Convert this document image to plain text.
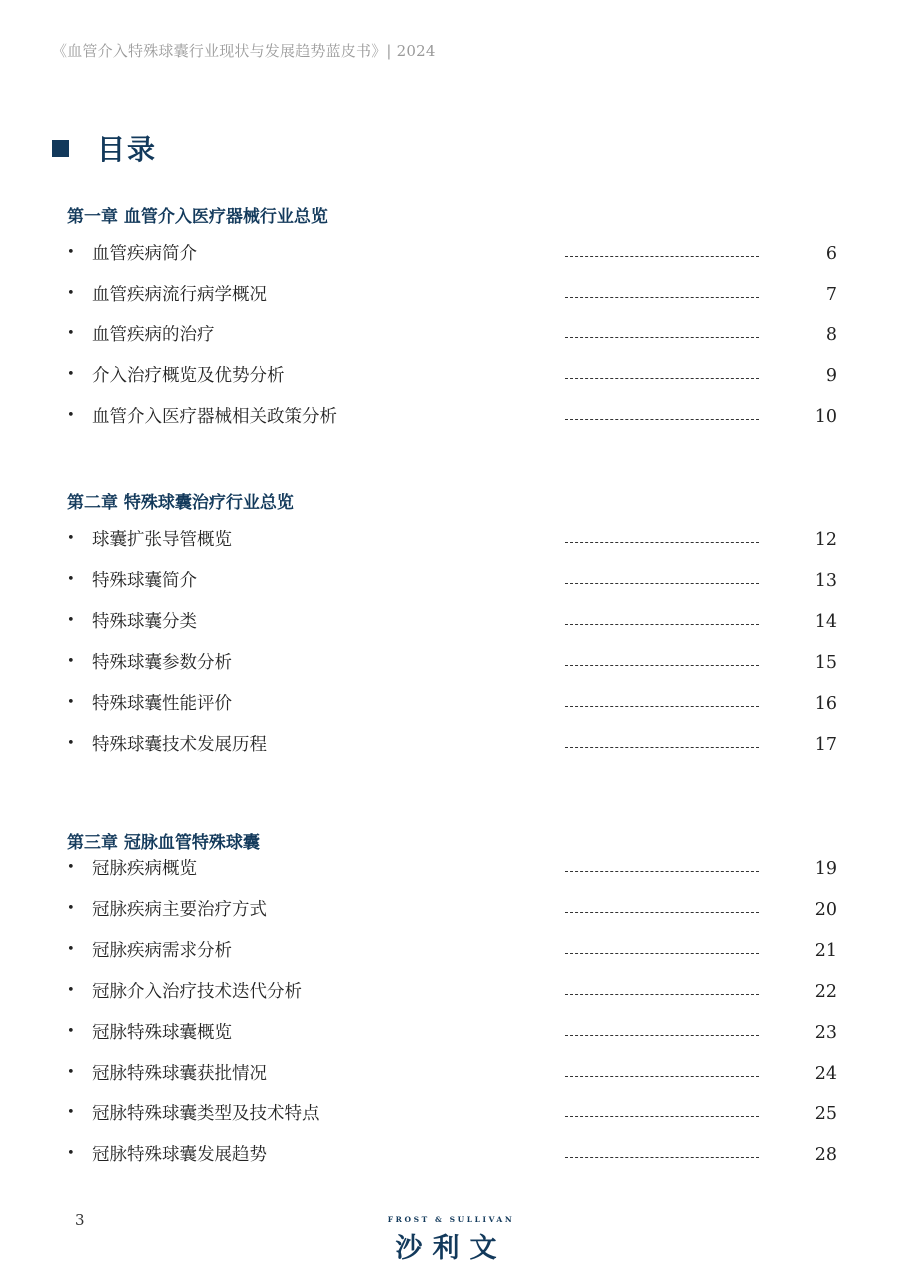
《血管介入特殊球囊行业现状与发展趋势蓝皮书》| 2024
目录
第一章 血管介入医疗器械行业总览
• 血管疾病简介	6
• 血管疾病流行病学概况	7
• 血管疾病的治疗	8
• 介入治疗概览及优势分析	9
• 血管介入医疗器械相关政策分析	10
第二章 特殊球囊治疗行业总览
• 球囊扩张导管概览	12
• 特殊球囊简介	13
• 特殊球囊分类	14
• 特殊球囊参数分析	15
• 特殊球囊性能评价	16
• 特殊球囊技术发展历程	17
第三章 冠脉血管特殊球囊
• 冠脉疾病概览	19
• 冠脉疾病主要治疗方式	20
• 冠脉疾病需求分析	21
• 冠脉介入治疗技术迭代分析	22
• 冠脉特殊球囊概览	23
• 冠脉特殊球囊获批情况	24
• 冠脉特殊球囊类型及技术特点	25
• 冠脉特殊球囊发展趋势	28
3	FROST & SULLIVAN
沙利文
